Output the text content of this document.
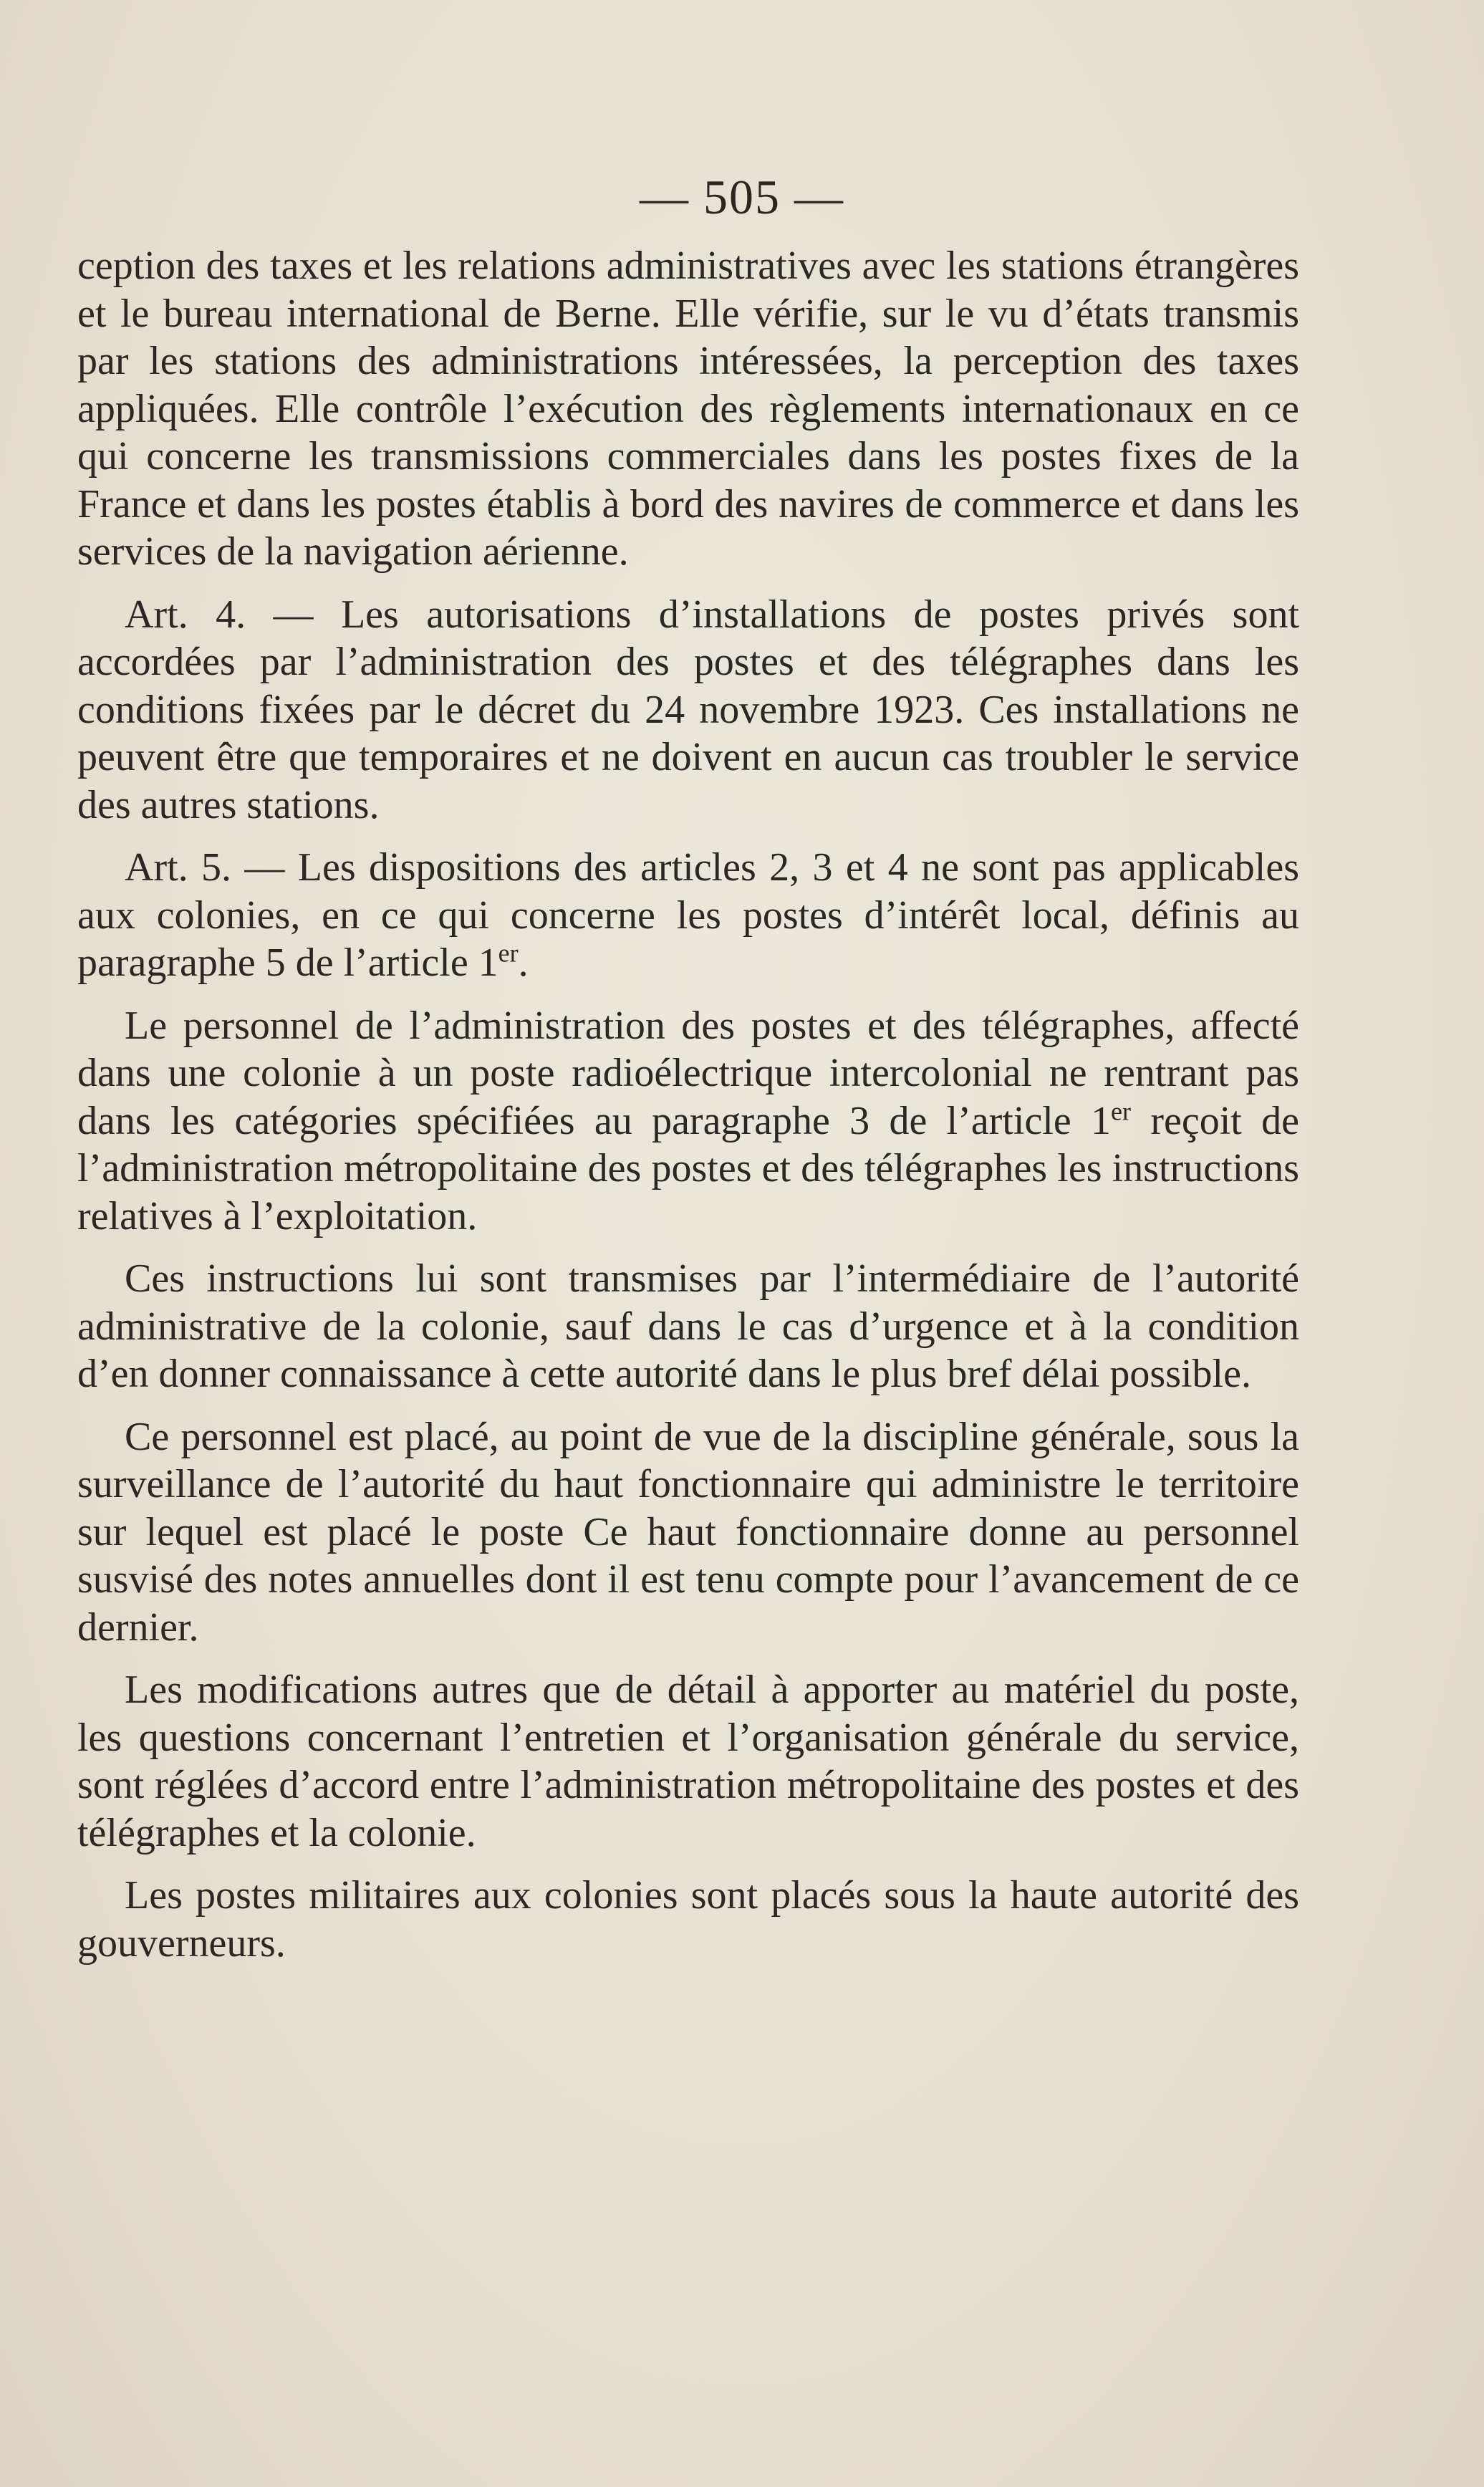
— 505 —

ception des taxes et les relations administratives avec les stations étrangères et le bureau international de Berne. Elle vérifie, sur le vu d’états transmis par les stations des administrations intéressées, la perception des taxes appliquées. Elle contrôle l’exécution des règlements internationaux en ce qui concerne les transmissions commerciales dans les postes fixes de la France et dans les postes établis à bord des navires de commerce et dans les services de la navigation aérienne.

Art. 4. — Les autorisations d’installations de postes privés sont accordées par l’administration des postes et des télégraphes dans les conditions fixées par le décret du 24 novembre 1923. Ces installations ne peuvent être que temporaires et ne doivent en aucun cas troubler le service des autres stations.

Art. 5. — Les dispositions des articles 2, 3 et 4 ne sont pas applicables aux colonies, en ce qui concerne les postes d’intérêt local, définis au paragraphe 5 de l’article 1er.

Le personnel de l’administration des postes et des télégraphes, affecté dans une colonie à un poste radioélectrique intercolonial ne rentrant pas dans les catégories spécifiées au paragraphe 3 de l’article 1er reçoit de l’administration métropolitaine des postes et des télégraphes les instructions relatives à l’exploitation.

Ces instructions lui sont transmises par l’intermédiaire de l’autorité administrative de la colonie, sauf dans le cas d’urgence et à la condition d’en donner connaissance à cette autorité dans le plus bref délai possible.

Ce personnel est placé, au point de vue de la discipline générale, sous la surveillance de l’autorité du haut fonctionnaire qui administre le territoire sur lequel est placé le poste Ce haut fonctionnaire donne au personnel susvisé des notes annuelles dont il est tenu compte pour l’avancement de ce dernier.

Les modifications autres que de détail à apporter au matériel du poste, les questions concernant l’entretien et l’organisation générale du service, sont réglées d’accord entre l’administration métropolitaine des postes et des télégraphes et la colonie.

Les postes militaires aux colonies sont placés sous la haute autorité des gouverneurs.
